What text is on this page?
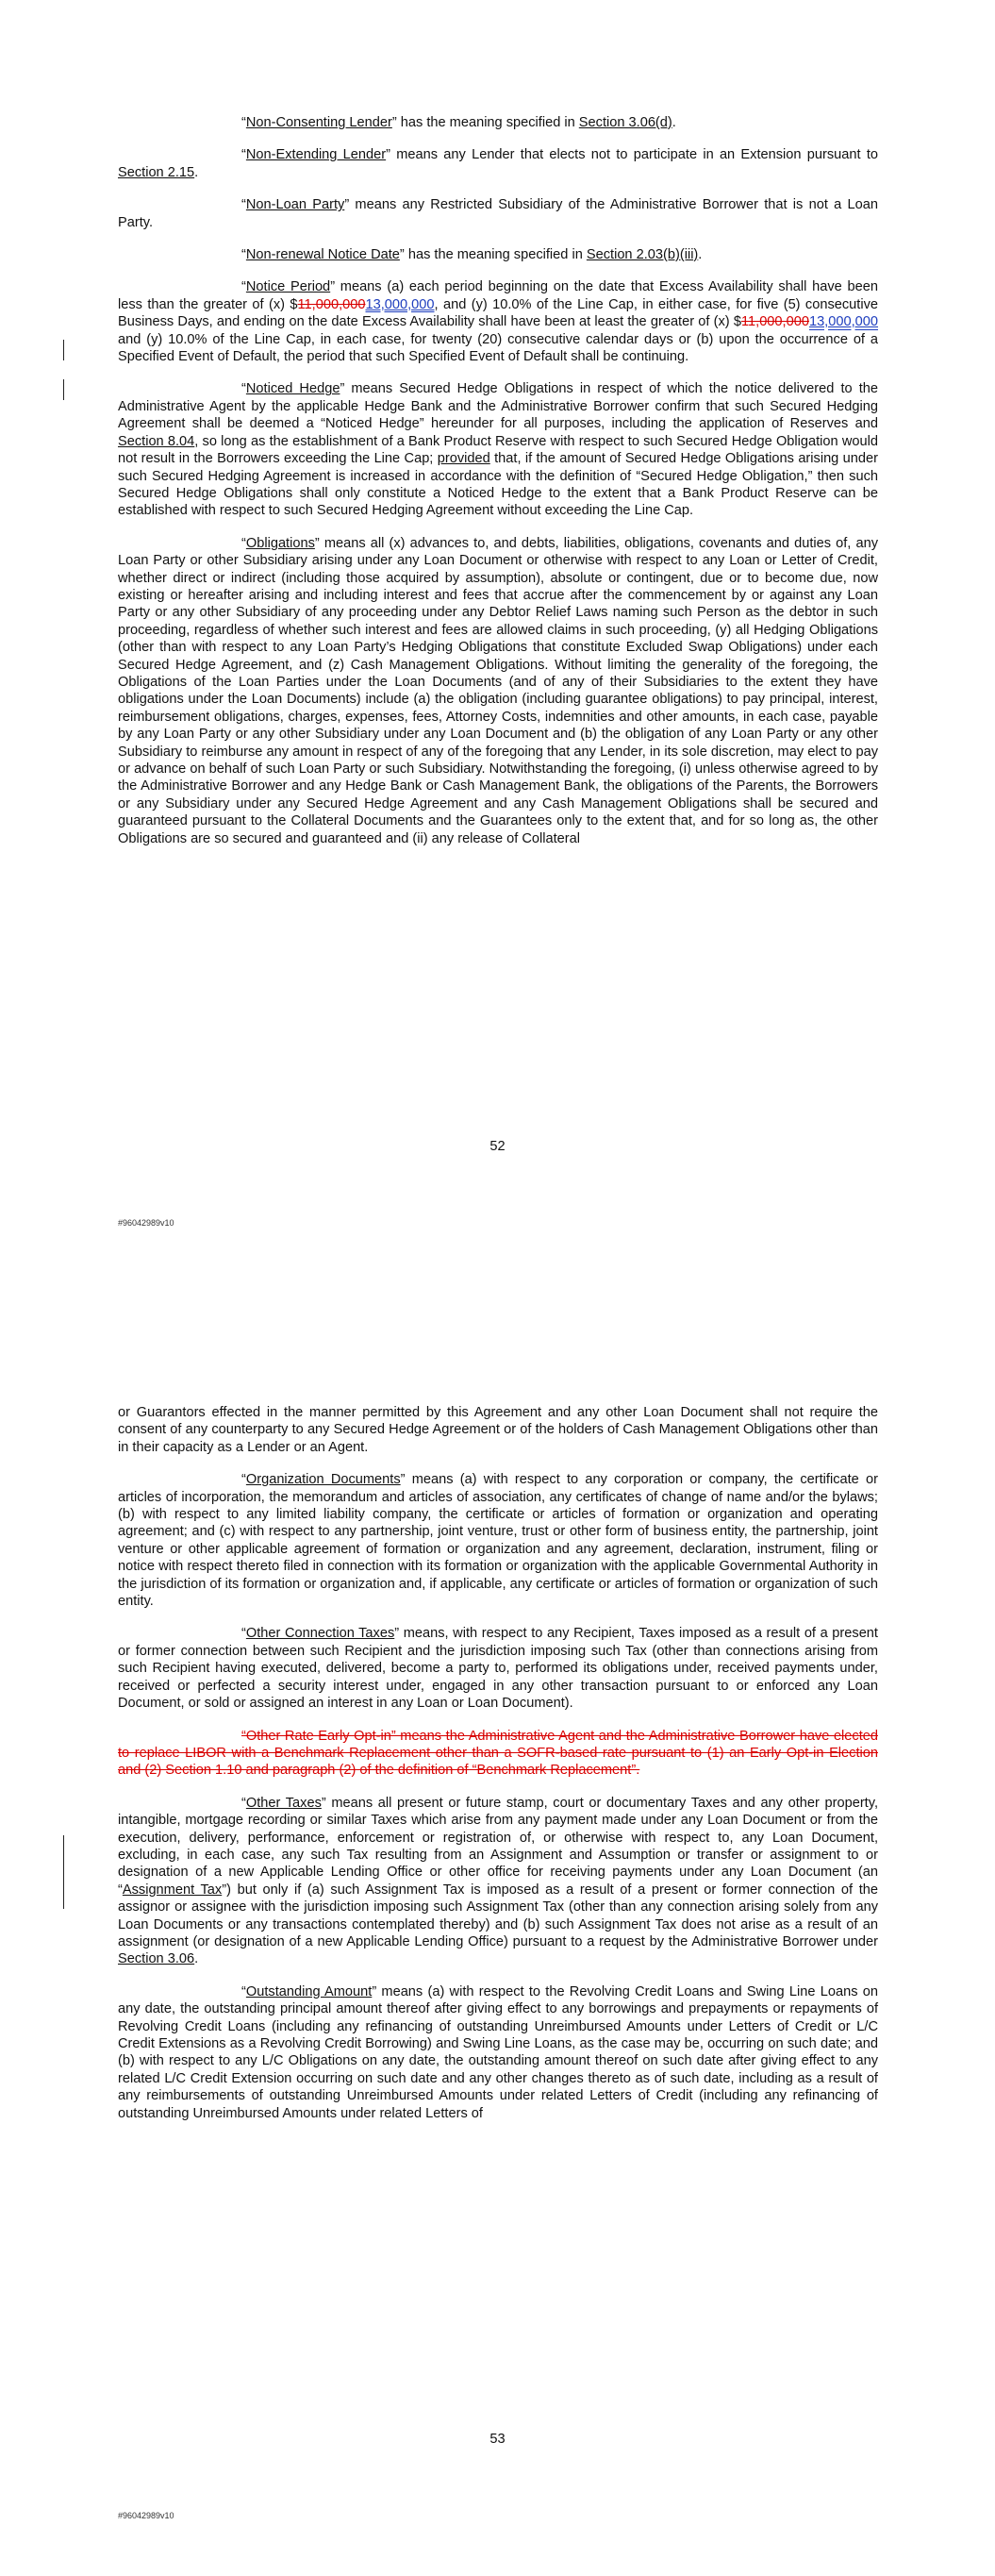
“Non-Consenting Lender” has the meaning specified in Section 3.06(d).

“Non-Extending Lender” means any Lender that elects not to participate in an Extension pursuant to Section 2.15.

“Non-Loan Party” means any Restricted Subsidiary of the Administrative Borrower that is not a Loan Party.

“Non-renewal Notice Date” has the meaning specified in Section 2.03(b)(iii).

“Notice Period” means (a) each period beginning on the date that Excess Availability shall have been less than the greater of (x) $11,000,00013,000,000, and (y) 10.0% of the Line Cap, in either case, for five (5) consecutive Business Days, and ending on the date Excess Availability shall have been at least the greater of (x) $11,000,00013,000,000 and (y) 10.0% of the Line Cap, in each case, for twenty (20) consecutive calendar days or (b) upon the occurrence of a Specified Event of Default, the period that such Specified Event of Default shall be continuing.

“Noticed Hedge” means Secured Hedge Obligations in respect of which the notice delivered to the Administrative Agent by the applicable Hedge Bank and the Administrative Borrower confirm that such Secured Hedging Agreement shall be deemed a “Noticed Hedge” hereunder for all purposes, including the application of Reserves and Section 8.04, so long as the establishment of a Bank Product Reserve with respect to such Secured Hedge Obligation would not result in the Borrowers exceeding the Line Cap; provided that, if the amount of Secured Hedge Obligations arising under such Secured Hedging Agreement is increased in accordance with the definition of “Secured Hedge Obligation,” then such Secured Hedge Obligations shall only constitute a Noticed Hedge to the extent that a Bank Product Reserve can be established with respect to such Secured Hedging Agreement without exceeding the Line Cap.

“Obligations” means all (x) advances to, and debts, liabilities, obligations, covenants and duties of, any Loan Party or other Subsidiary arising under any Loan Document or otherwise with respect to any Loan or Letter of Credit, whether direct or indirect (including those acquired by assumption), absolute or contingent, due or to become due, now existing or hereafter arising and including interest and fees that accrue after the commencement by or against any Loan Party or any other Subsidiary of any proceeding under any Debtor Relief Laws naming such Person as the debtor in such proceeding, regardless of whether such interest and fees are allowed claims in such proceeding, (y) all Hedging Obligations (other than with respect to any Loan Party’s Hedging Obligations that constitute Excluded Swap Obligations) under each Secured Hedge Agreement, and (z) Cash Management Obligations. Without limiting the generality of the foregoing, the Obligations of the Loan Parties under the Loan Documents (and of any of their Subsidiaries to the extent they have obligations under the Loan Documents) include (a) the obligation (including guarantee obligations) to pay principal, interest, reimbursement obligations, charges, expenses, fees, Attorney Costs, indemnities and other amounts, in each case, payable by any Loan Party or any other Subsidiary under any Loan Document and (b) the obligation of any Loan Party or any other Subsidiary to reimburse any amount in respect of any of the foregoing that any Lender, in its sole discretion, may elect to pay or advance on behalf of such Loan Party or such Subsidiary. Notwithstanding the foregoing, (i) unless otherwise agreed to by the Administrative Borrower and any Hedge Bank or Cash Management Bank, the obligations of the Parents, the Borrowers or any Subsidiary under any Secured Hedge Agreement and any Cash Management Obligations shall be secured and guaranteed pursuant to the Collateral Documents and the Guarantees only to the extent that, and for so long as, the other Obligations are so secured and guaranteed and (ii) any release of Collateral

52
#96042989v10

or Guarantors effected in the manner permitted by this Agreement and any other Loan Document shall not require the consent of any counterparty to any Secured Hedge Agreement or of the holders of Cash Management Obligations other than in their capacity as a Lender or an Agent.

“Organization Documents” means (a) with respect to any corporation or company, the certificate or articles of incorporation, the memorandum and articles of association, any certificates of change of name and/or the bylaws; (b) with respect to any limited liability company, the certificate or articles of formation or organization and operating agreement; and (c) with respect to any partnership, joint venture, trust or other form of business entity, the partnership, joint venture or other applicable agreement of formation or organization and any agreement, declaration, instrument, filing or notice with respect thereto filed in connection with its formation or organization with the applicable Governmental Authority in the jurisdiction of its formation or organization and, if applicable, any certificate or articles of formation or organization of such entity.

“Other Connection Taxes” means, with respect to any Recipient, Taxes imposed as a result of a present or former connection between such Recipient and the jurisdiction imposing such Tax (other than connections arising from such Recipient having executed, delivered, become a party to, performed its obligations under, received payments under, received or perfected a security interest under, engaged in any other transaction pursuant to or enforced any Loan Document, or sold or assigned an interest in any Loan or Loan Document).

“Other Rate Early Opt-in” means the Administrative Agent and the Administrative Borrower have elected to replace LIBOR with a Benchmark Replacement other than a SOFR-based rate pursuant to (1) an Early Opt-in Election and (2) Section 1.10 and paragraph (2) of the definition of “Benchmark Replacement”.

“Other Taxes” means all present or future stamp, court or documentary Taxes and any other property, intangible, mortgage recording or similar Taxes which arise from any payment made under any Loan Document or from the execution, delivery, performance, enforcement or registration of, or otherwise with respect to, any Loan Document, excluding, in each case, any such Tax resulting from an Assignment and Assumption or transfer or assignment to or designation of a new Applicable Lending Office or other office for receiving payments under any Loan Document (an “Assignment Tax”) but only if (a) such Assignment Tax is imposed as a result of a present or former connection of the assignor or assignee with the jurisdiction imposing such Assignment Tax (other than any connection arising solely from any Loan Documents or any transactions contemplated thereby) and (b) such Assignment Tax does not arise as a result of an assignment (or designation of a new Applicable Lending Office) pursuant to a request by the Administrative Borrower under Section 3.06.

“Outstanding Amount” means (a) with respect to the Revolving Credit Loans and Swing Line Loans on any date, the outstanding principal amount thereof after giving effect to any borrowings and prepayments or repayments of Revolving Credit Loans (including any refinancing of outstanding Unreimbursed Amounts under Letters of Credit or L/C Credit Extensions as a Revolving Credit Borrowing) and Swing Line Loans, as the case may be, occurring on such date; and (b) with respect to any L/C Obligations on any date, the outstanding amount thereof on such date after giving effect to any related L/C Credit Extension occurring on such date and any other changes thereto as of such date, including as a result of any reimbursements of outstanding Unreimbursed Amounts under related Letters of Credit (including any refinancing of outstanding Unreimbursed Amounts under related Letters of

53
#96042989v10
